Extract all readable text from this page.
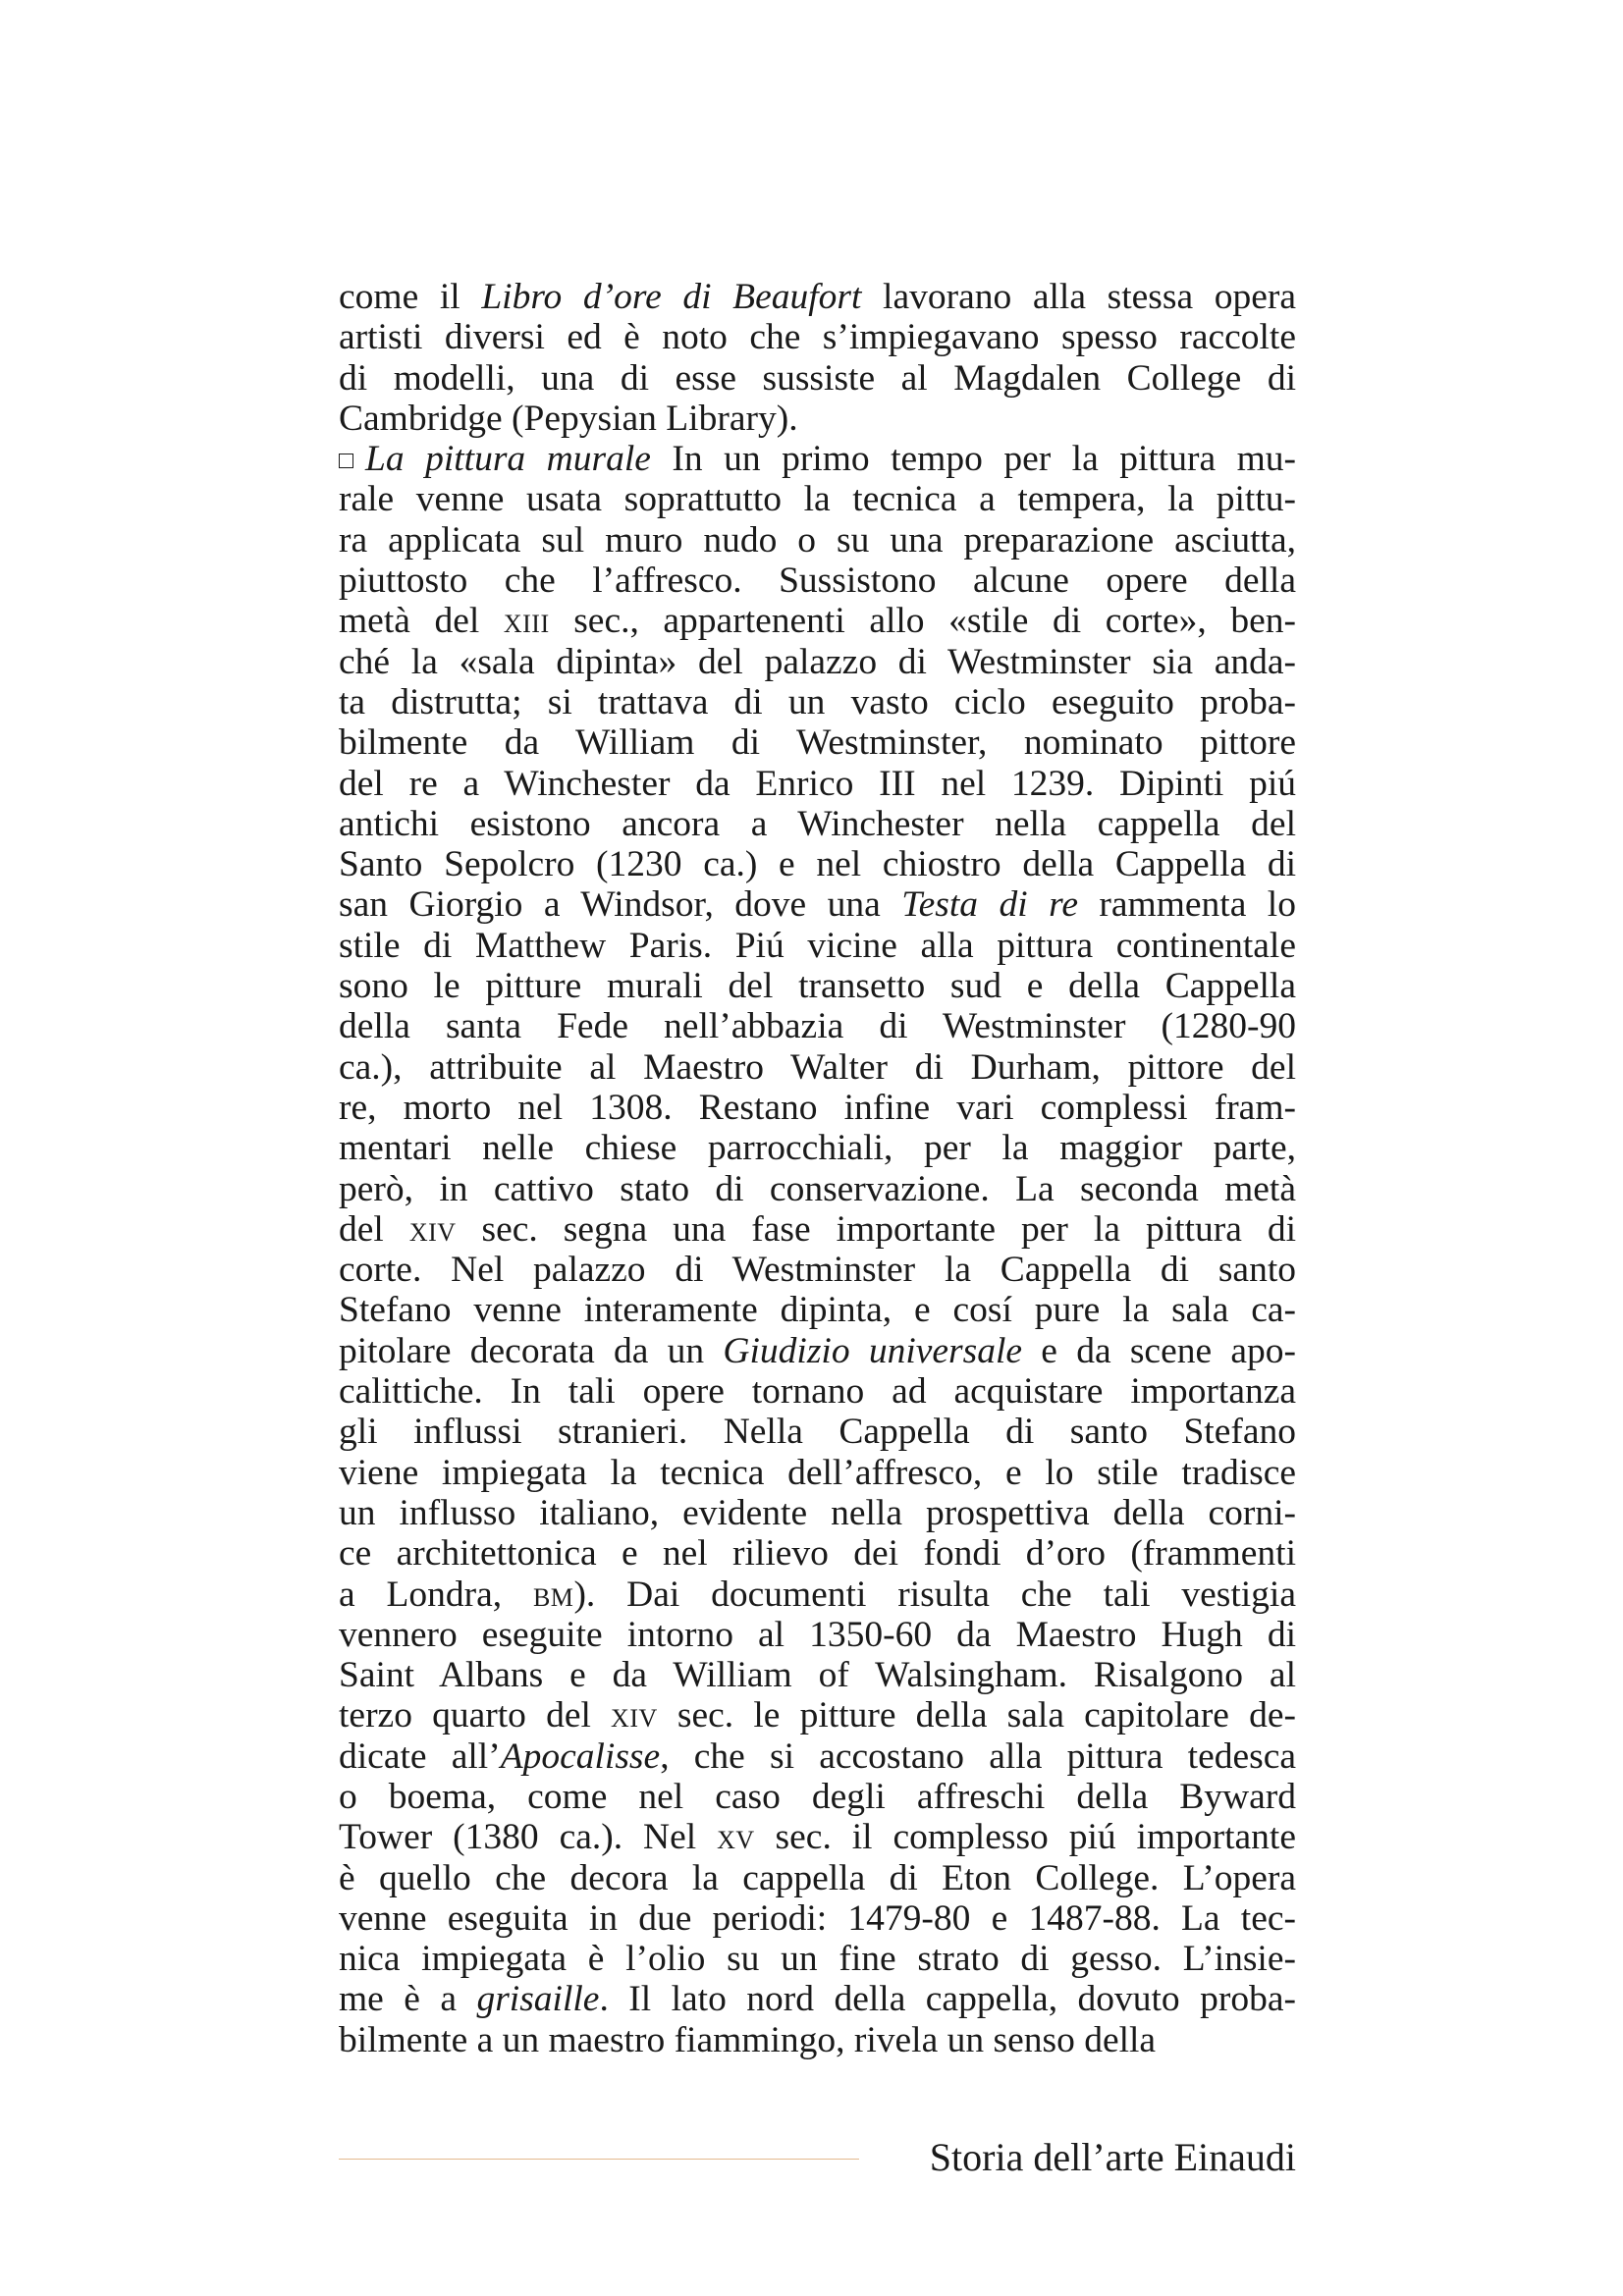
come il Libro d’ore di Beaufort lavorano alla stessa opera
artisti diversi ed è noto che s’impiegavano spesso raccolte
di modelli, una di esse sussiste al Magdalen College di
Cambridge (Pepysian Library).
La pittura murale In un primo tempo per la pittura mu-
rale venne usata soprattutto la tecnica a tempera, la pittu-
ra applicata sul muro nudo o su una preparazione asciutta,
piuttosto che l’affresco. Sussistono alcune opere della
metà del xiii sec., appartenenti allo «stile di corte», ben-
ché la «sala dipinta» del palazzo di Westminster sia anda-
ta distrutta; si trattava di un vasto ciclo eseguito proba-
bilmente da William di Westminster, nominato pittore
del re a Winchester da Enrico III nel 1239. Dipinti piú
antichi esistono ancora a Winchester nella cappella del
Santo Sepolcro (1230 ca.) e nel chiostro della Cappella di
san Giorgio a Windsor, dove una Testa di re rammenta lo
stile di Matthew Paris. Piú vicine alla pittura continentale
sono le pitture murali del transetto sud e della Cappella
della santa Fede nell’abbazia di Westminster (1280-90
ca.), attribuite al Maestro Walter di Durham, pittore del
re, morto nel 1308. Restano infine vari complessi fram-
mentari nelle chiese parrocchiali, per la maggior parte,
però, in cattivo stato di conservazione. La seconda metà
del xiv sec. segna una fase importante per la pittura di
corte. Nel palazzo di Westminster la Cappella di santo
Stefano venne interamente dipinta, e cosí pure la sala ca-
pitolare decorata da un Giudizio universale e da scene apo-
calittiche. In tali opere tornano ad acquistare importanza
gli influssi stranieri. Nella Cappella di santo Stefano
viene impiegata la tecnica dell’affresco, e lo stile tradisce
un influsso italiano, evidente nella prospettiva della corni-
ce architettonica e nel rilievo dei fondi d’oro (frammenti
a Londra, bm). Dai documenti risulta che tali vestigia
vennero eseguite intorno al 1350-60 da Maestro Hugh di
Saint Albans e da William of Walsingham. Risalgono al
terzo quarto del xiv sec. le pitture della sala capitolare de-
dicate all’Apocalisse, che si accostano alla pittura tedesca
o boema, come nel caso degli affreschi della Byward
Tower (1380 ca.). Nel xv sec. il complesso piú importante
è quello che decora la cappella di Eton College. L’opera
venne eseguita in due periodi: 1479-80 e 1487-88. La tec-
nica impiegata è l’olio su un fine strato di gesso. L’insie-
me è a grisaille. Il lato nord della cappella, dovuto proba-
bilmente a un maestro fiammingo, rivela un senso della
Storia dell’arte Einaudi
